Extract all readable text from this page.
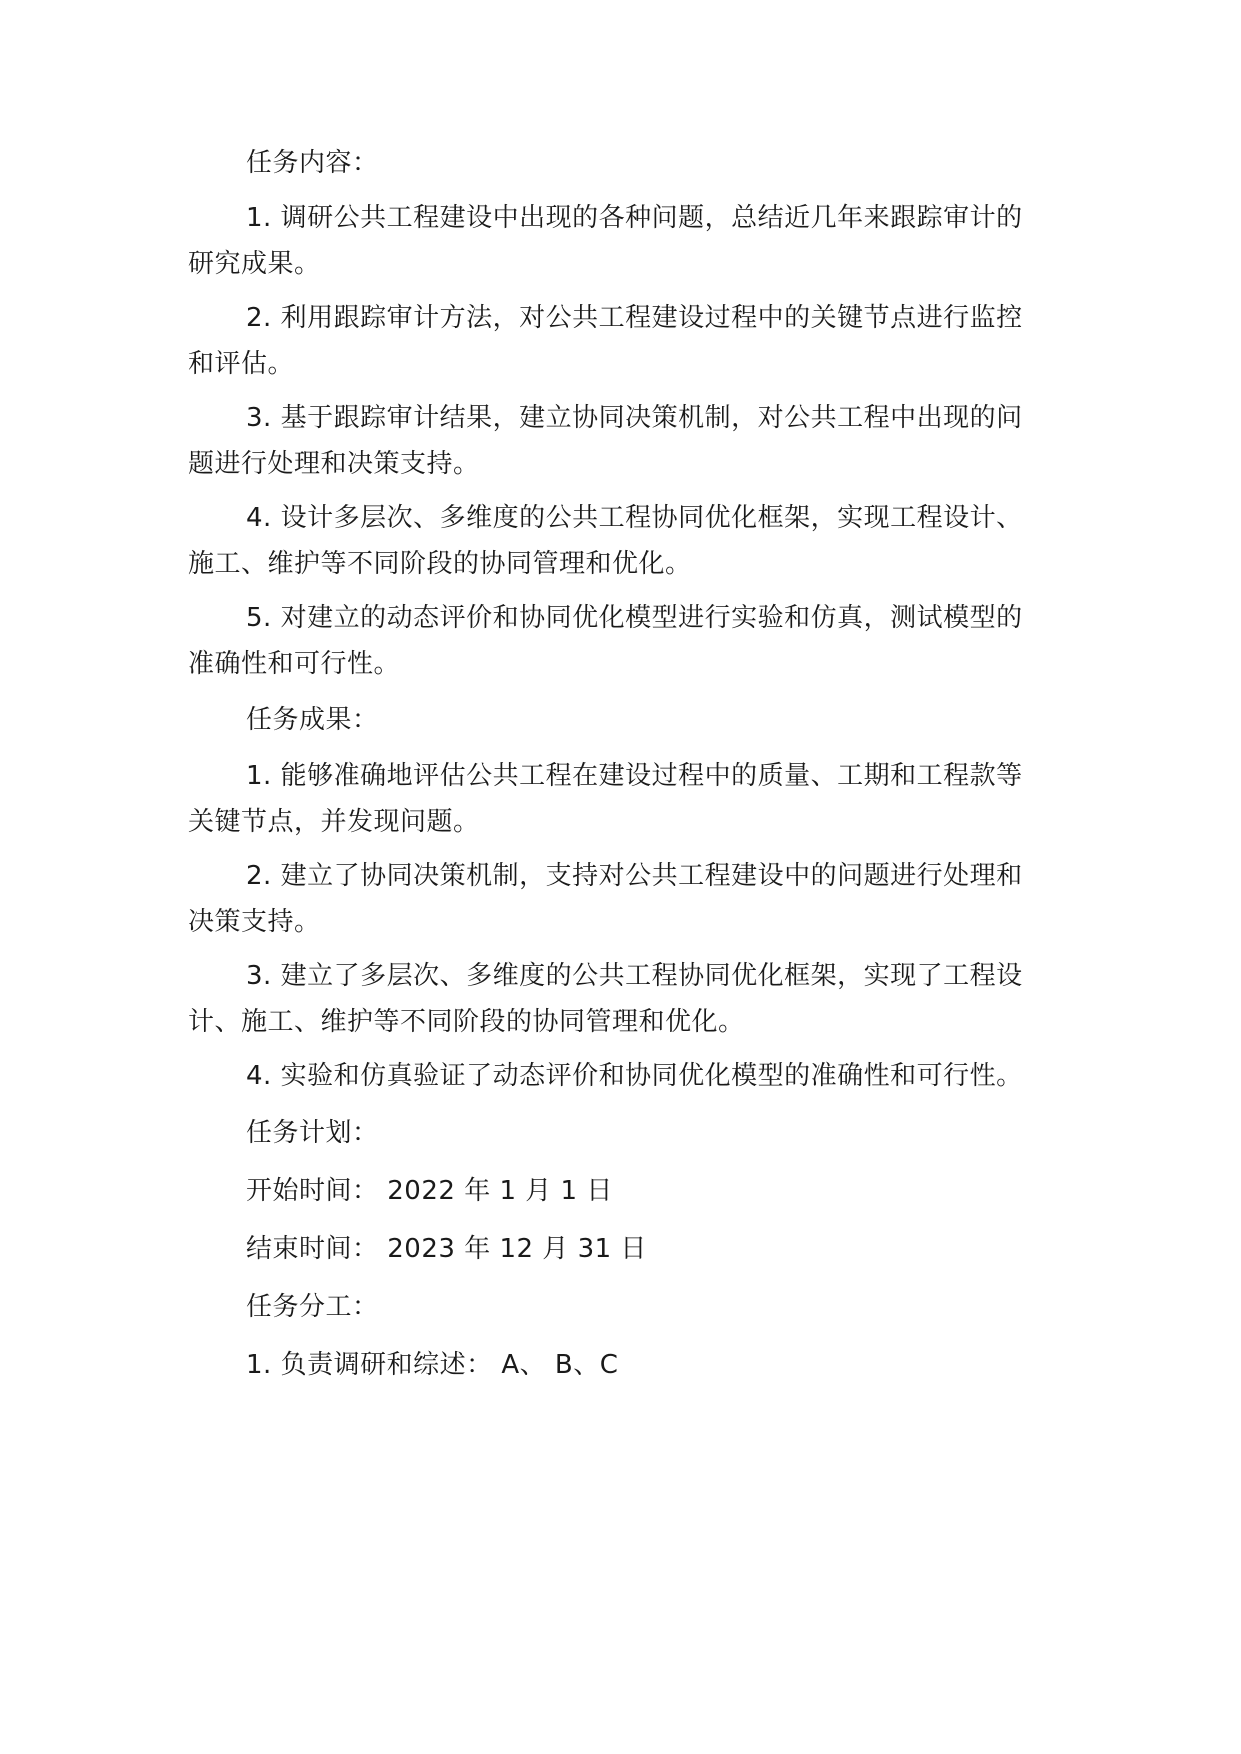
任务内容：

1. 调研公共工程建设中出现的各种问题，总结近几年来跟踪审计的研究成果。

2. 利用跟踪审计方法，对公共工程建设过程中的关键节点进行监控和评估。

3. 基于跟踪审计结果，建立协同决策机制，对公共工程中出现的问题进行处理和决策支持。

4. 设计多层次、多维度的公共工程协同优化框架，实现工程设计、施工、维护等不同阶段的协同管理和优化。

5. 对建立的动态评价和协同优化模型进行实验和仿真，测试模型的准确性和可行性。

任务成果：

1. 能够准确地评估公共工程在建设过程中的质量、工期和工程款等关键节点，并发现问题。

2. 建立了协同决策机制，支持对公共工程建设中的问题进行处理和决策支持。

3. 建立了多层次、多维度的公共工程协同优化框架，实现了工程设计、施工、维护等不同阶段的协同管理和优化。

4. 实验和仿真验证了动态评价和协同优化模型的准确性和可行性。

任务计划：

开始时间： 2022 年 1 月 1 日

结束时间： 2023 年 12 月 31 日

任务分工：

1. 负责调研和综述： A、 B、C
